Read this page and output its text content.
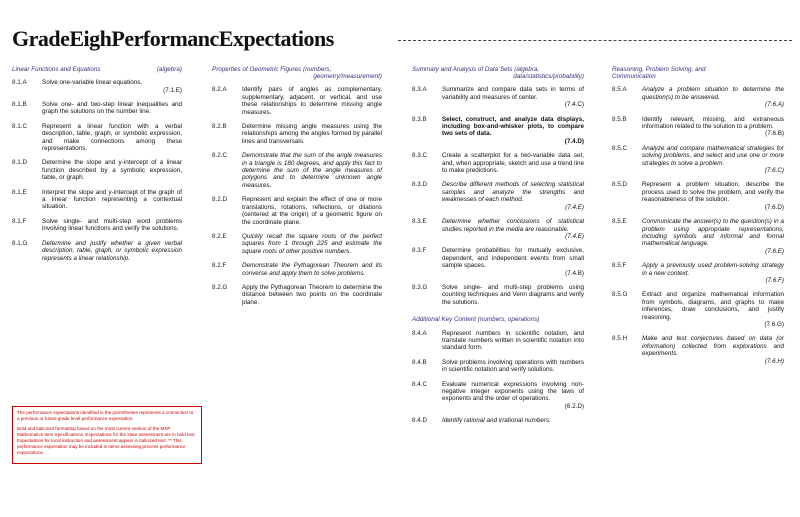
GradeEighPerformancExpectations
Linear Functions and Equations	(algebra)
8.1.A	Solve one-variable linear equations.
(7.1.E)
8.1.B	Solve one- and two-step linear inequalities and graph the solutions on the number line.
8.1.C	Represent a linear function with a verbal description, table, graph, or symbolic expression, and make connections among these representations.
8.1.D	Determine the slope and y-intercept of a linear function described by a symbolic expression, table, or graph.
8.1.E	Interpret the slope and y-intercept of the graph of a linear function representing a contextual situation.
8.1.F	Solve single- and multi-step word problems involving linear functions and verify the solutions.
8.1.G	Determine and justify whether a given verbal description, table, graph, or symbolic expression represents a linear relationship.
Properties of Geometric Figures (numbers,
geometry/measurement)
8.2.A	Identify pairs of angles as complementary, supplementary, adjacent, or vertical, and use these relationships to determine missing angle measures.
8.2.B	Determine missing angle measures using the relationships among the angles formed by parallel lines and transversals.
8.2.C	Demonstrate that the sum of the angle measures in a triangle is 180 degrees, and apply this fact to determine the sum of the angle measures of polygons and to determine unknown angle measures.
8.2.D	Represent and explain the effect of one or more translations, rotations, reflections, or dilations (centered at the origin) of a geometric figure on the coordinate plane.
8.2.E	Quickly recall the square roots of the perfect squares from 1 through 225 and estimate the square roots of other positive numbers.
8.2.F	Demonstrate the Pythagorean Theorem and its converse and apply them to solve problems.
8.2.G	Apply the Pythagorean Theorem to determine the distance between two points on the coordinate plane.
Summary and Analysis of Data Sets (algebra,
data/statistics/probability)
8.3.A	Summarize and compare data sets in terms of variability and measures of center.
(7.4.C)
8.3.B	Select, construct, and analyze data displays, including box-and-whisker plots, to compare two sets of data.
(7.4.D)
8.3.C	Create a scatterplot for a two-variable data set, and, when appropriate, sketch and use a trend line to make predictions.
8.3.D	Describe different methods of selecting statistical samples and analyze the strengths and weaknesses of each method.
(7.4.E)
8.3.E	Determine whether conclusions of statistical studies reported in the media are reasonable.
(7.4.E)
8.3.F	Determine probabilities for mutually exclusive, dependent, and independent events from small sample spaces.
(7.4.B)
8.3.G	Solve single- and multi-step problems using counting techniques and Venn diagrams and verify the solutions.
Additional Key Content (numbers, operations)
8.4.A	Represent numbers in scientific notation, and translate numbers written in scientific notation into standard form.
8.4.B	Solve problems involving operations with numbers in scientific notation and verify solutions.
8.4.C	Evaluate numerical expressions involving non-negative integer exponents using the laws of exponents and the order of operations.
(6.2.D)
8.4.D	Identify rational and irrational numbers.
Reasoning, Problem Solving, and
Communication
8.5.A	Analyze a problem situation to determine the question(s) to be answered.
(7.6.A)
8.5.B	Identify relevant, missing, and extraneous information related to the solution to a problem.
(7.6.B)
8.5.C	Analyze and compare mathematical strategies for solving problems, and select and use one or more strategies to solve a problem.
(7.6.C)
8.5.D	Represent a problem situation, describe the process used to solve the problem, and verify the reasonableness of the solution.
(7.6.D)
8.5.E	Communicate the answer(s) to the question(s) in a problem using appropriate representations, including symbols and informal and formal mathematical language.
(7.6.E)
8.5.F	Apply a previously used problem-solving strategy in a new context.
(7.6.F)
8.5.G	Extract and organize mathematical information from symbols, diagrams, and graphs to make inferences, draw conclusions, and justify reasoning.
(7.6.G)
8.5.H	Make and test conjectures based on data (or information) collected from explorations and experiments.
(7.6.H)

The performance expectations identified in the parentheses represents a connection to a previous or future grade level performance expectation.

Bold and italicized formatting based on the most current version of the MSP Mathematics Item Specifications. Expectations for the state assessment are in bold text. Expectations for local instruction and assessment appear in italicized text. ** This performance expectation may be included in items assessing process performance expectations.
